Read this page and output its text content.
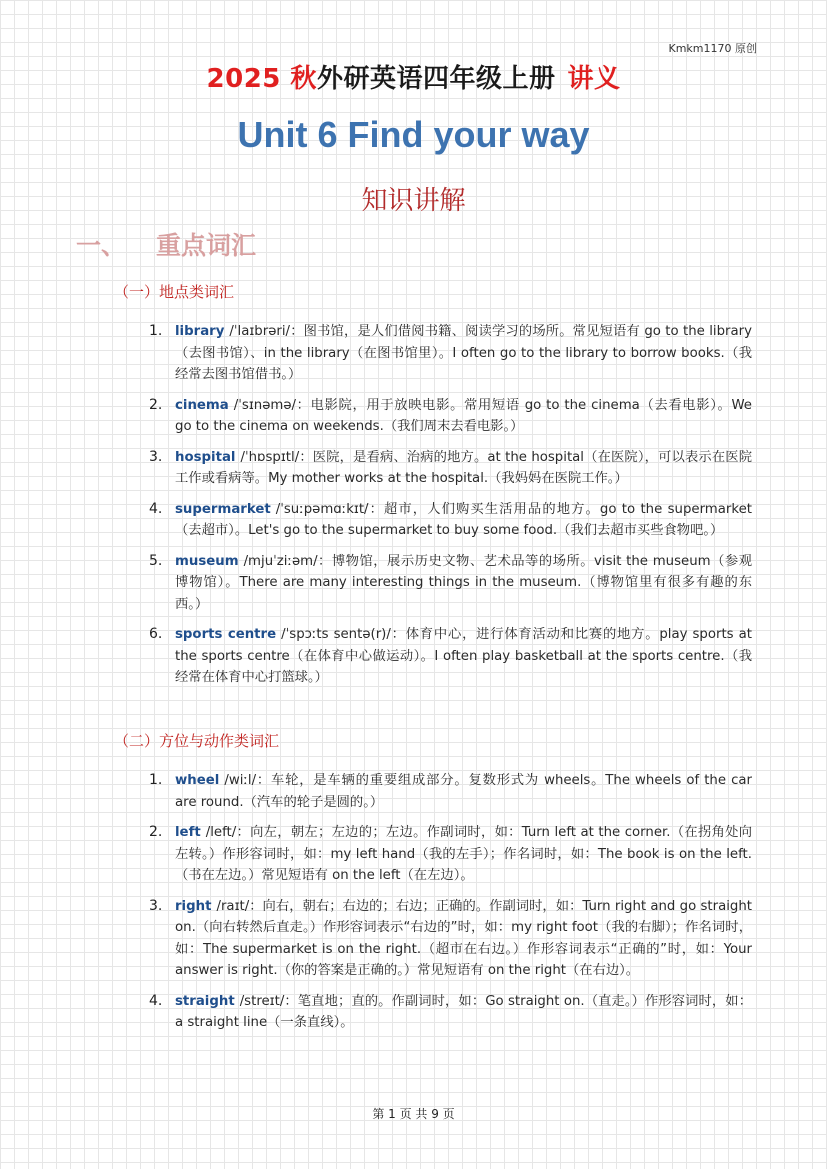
Kmkm1170 原创
2025 秋外研英语四年级上册 讲义
Unit 6 Find your way
知识讲解
一、 重点词汇
（一）地点类词汇
1. library /ˈlaɪbrəri/：图书馆，是人们借阅书籍、阅读学习的场所。常见短语有 go to the library（去图书馆）、in the library（在图书馆里）。I often go to the library to borrow books.（我经常去图书馆借书。）
2. cinema /ˈsɪnəmə/：电影院，用于放映电影。常用短语 go to the cinema（去看电影）。We go to the cinema on weekends.（我们周末去看电影。）
3. hospital /ˈhɒspɪtl/：医院，是看病、治病的地方。at the hospital（在医院），可以表示在医院工作或看病等。My mother works at the hospital.（我妈妈在医院工作。）
4. supermarket /ˈsuːpəmɑːkɪt/：超市，人们购买生活用品的地方。go to the supermarket（去超市）。Let's go to the supermarket to buy some food.（我们去超市买些食物吧。）
5. museum /mjuˈziːəm/：博物馆，展示历史文物、艺术品等的场所。visit the museum（参观博物馆）。There are many interesting things in the museum.（博物馆里有很多有趣的东西。）
6. sports centre /ˈspɔːts sentə(r)/：体育中心，进行体育活动和比赛的地方。play sports at the sports centre（在体育中心做运动）。I often play basketball at the sports centre.（我经常在体育中心打篮球。）
（二）方位与动作类词汇
1. wheel /wiːl/：车轮，是车辆的重要组成部分。复数形式为 wheels。The wheels of the car are round.（汽车的轮子是圆的。）
2. left /left/：向左，朝左；左边的；左边。作副词时，如：Turn left at the corner.（在拐角处向左转。）作形容词时，如：my left hand（我的左手）；作名词时，如：The book is on the left.（书在左边。）常见短语有 on the left（在左边）。
3. right /raɪt/：向右，朝右；右边的；右边；正确的。作副词时，如：Turn right and go straight on.（向右转然后直走。）作形容词表示“右边的”时，如：my right foot（我的右脚）；作名词时，如：The supermarket is on the right.（超市在右边。）作形容词表示“正确的”时，如：Your answer is right.（你的答案是正确的。）常见短语有 on the right（在右边）。
4. straight /streɪt/：笔直地；直的。作副词时，如：Go straight on.（直走。）作形容词时，如：a straight line（一条直线）。
第 1 页 共 9 页
